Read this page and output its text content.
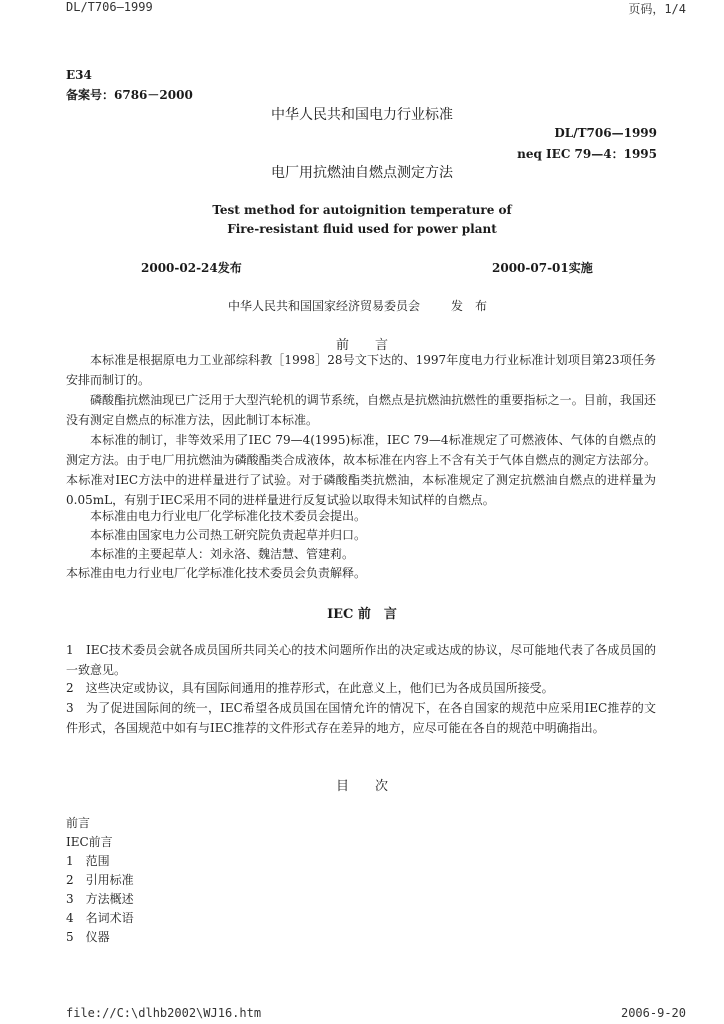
DL/T706—1999	页码，1/4
file://C:\dlhb2002\WJ16.htm	2006-9-20
E34
备案号：6786－2000
中华人民共和国电力行业标准
DL/T706—1999
neq IEC 79—4：1995
电厂用抗燃油自燃点测定方法
Test method for autoignition temperature of
Fire-resistant fluid used for power plant
2000-02-24发布	2000-07-01实施
中华人民共和国国家经济贸易委员会	发　布
前　　言

本标准是根据原电力工业部综科教［1998］28号文下达的、1997年度电力行业标准计划项目第23项任务安排而制订的。

磷酸酯抗燃油现已广泛用于大型汽轮机的调节系统，自燃点是抗燃油抗燃性的重要指标之一。目前，我国还没有测定自燃点的标准方法，因此制订本标准。

本标准的制订，非等效采用了IEC 79—4(1995)标准，IEC 79—4标准规定了可燃液体、气体的自燃点的测定方法。由于电厂用抗燃油为磷酸酯类合成液体，故本标准在内容上不含有关于气体自燃点的测定方法部分。本标准对IEC方法中的进样量进行了试验。对于磷酸酯类抗燃油，本标准规定了测定抗燃油自燃点的进样量为0.05mL，有别于IEC采用不同的进样量进行反复试验以取得未知试样的自燃点。

本标准由电力行业电厂化学标准化技术委员会提出。

本标准由国家电力公司热工研究院负责起草并归口。

本标准的主要起草人：刘永洛、魏洁慧、管建莉。

本标准由电力行业电厂化学标准化技术委员会负责解释。

IEC 前　言

1　IEC技术委员会就各成员国所共同关心的技术问题所作出的决定或达成的协议，尽可能地代表了各成员国的一致意见。

2　这些决定或协议，具有国际间通用的推荐形式，在此意义上，他们已为各成员国所接受。

3　为了促进国际间的统一，IEC希望各成员国在国情允许的情况下，在各自国家的规范中应采用IEC推荐的文件形式，各国规范中如有与IEC推荐的文件形式存在差异的地方，应尽可能在各自的规范中明确指出。

目　　次
前言
IEC前言
1　范围
2　引用标准
3　方法概述
4　名词术语
5　仪器
